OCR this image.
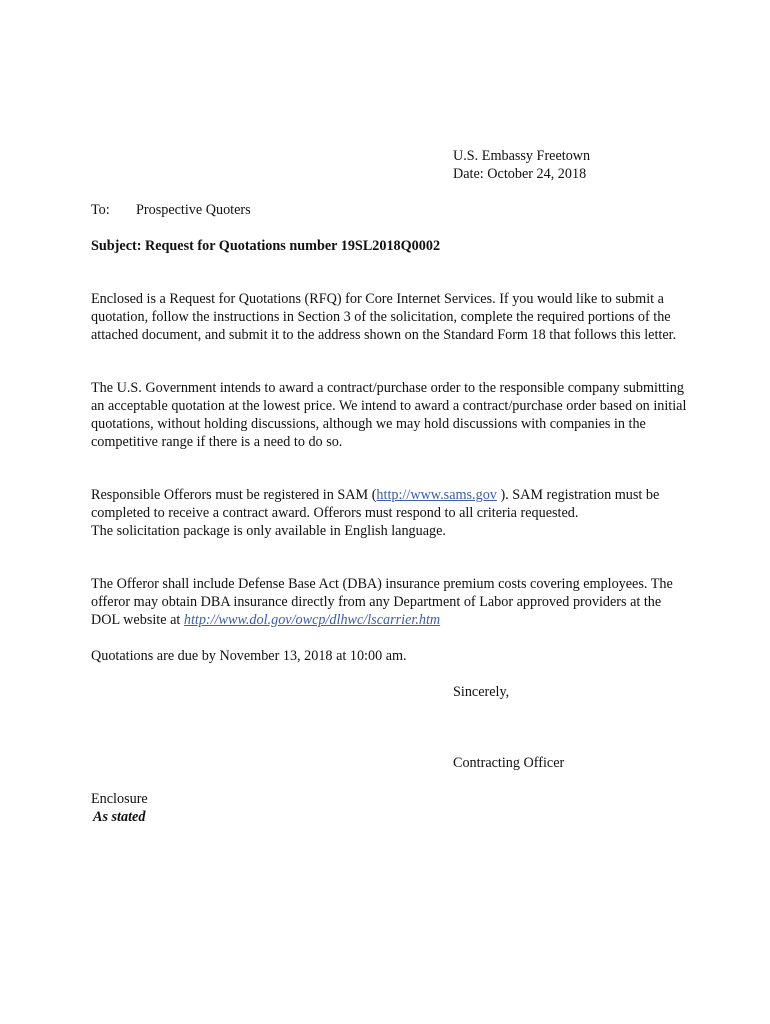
U.S. Embassy Freetown
Date: October 24, 2018
To: Prospective Quoters
Subject: Request for Quotations number 19SL2018Q0002

Enclosed is a Request for Quotations (RFQ) for Core Internet Services. If you would like to submit a quotation, follow the instructions in Section 3 of the solicitation, complete the required portions of the attached document, and submit it to the address shown on the Standard Form 18 that follows this letter.

The U.S. Government intends to award a contract/purchase order to the responsible company submitting an acceptable quotation at the lowest price. We intend to award a contract/purchase order based on initial quotations, without holding discussions, although we may hold discussions with companies in the competitive range if there is a need to do so.

Responsible Offerors must be registered in SAM (http://www.sams.gov ). SAM registration must be completed to receive a contract award. Offerors must respond to all criteria requested.

The solicitation package is only available in English language.

The Offeror shall include Defense Base Act (DBA) insurance premium costs covering employees. The offeror may obtain DBA insurance directly from any Department of Labor approved providers at the DOL website at http://www.dol.gov/owcp/dlhwc/lscarrier.htm

Quotations are due by November 13, 2018 at 10:00 am.

Sincerely,
Contracting Officer
Enclosure
As stated
